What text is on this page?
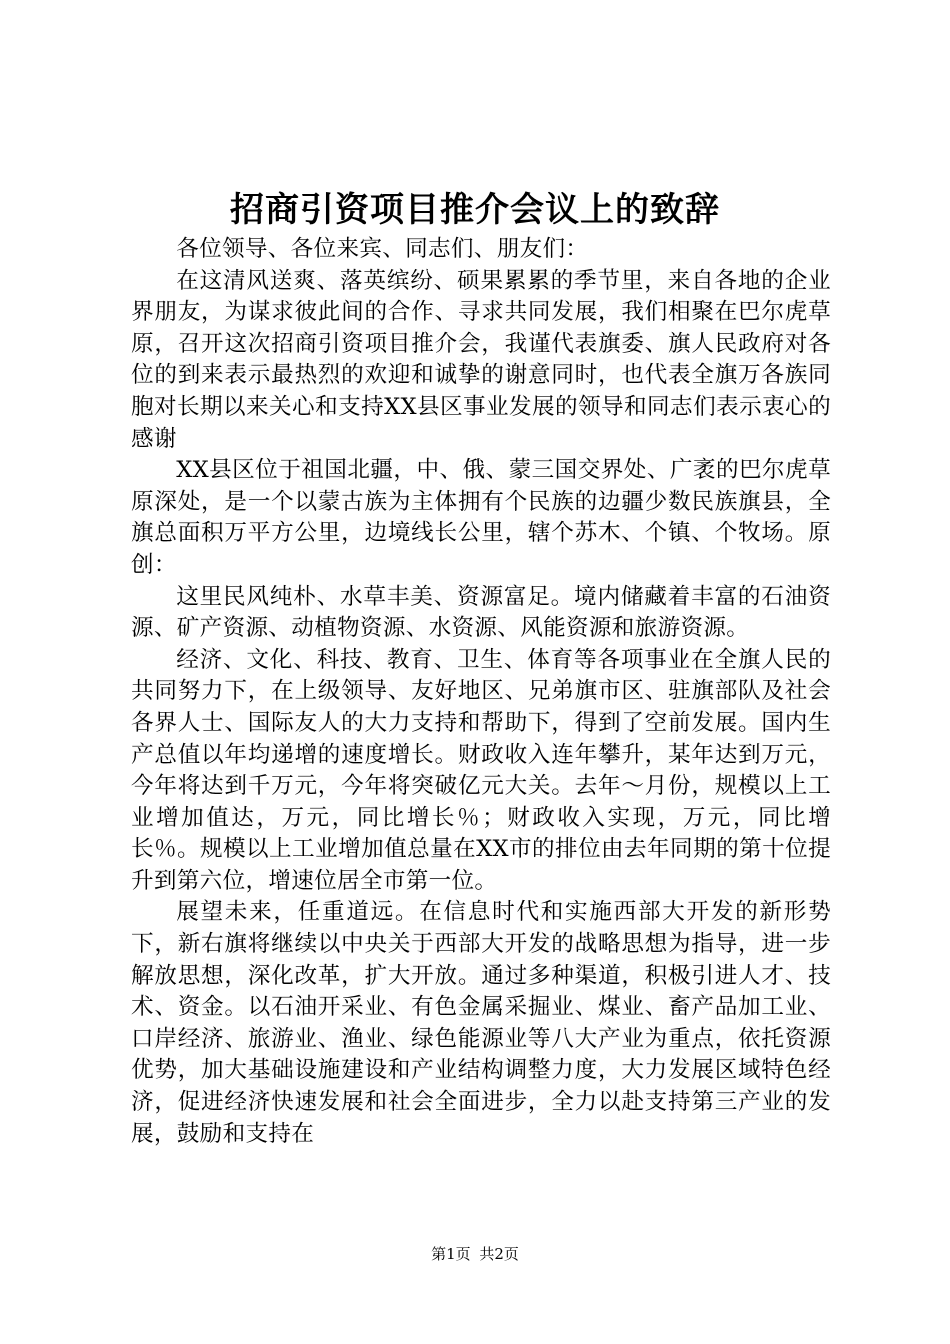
招商引资项目推介会议上的致辞

各位领导、各位来宾、同志们、朋友们：

在这清风送爽、落英缤纷、硕果累累的季节里，来自各地的企业界朋友，为谋求彼此间的合作、寻求共同发展，我们相聚在巴尔虎草原，召开这次招商引资项目推介会，我谨代表旗委、旗人民政府对各位的到来表示最热烈的欢迎和诚挚的谢意同时，也代表全旗万各族同胞对长期以来关心和支持XX县区事业发展的领导和同志们表示衷心的感谢

XX县区位于祖国北疆，中、俄、蒙三国交界处、广袤的巴尔虎草原深处，是一个以蒙古族为主体拥有个民族的边疆少数民族旗县，全旗总面积万平方公里，边境线长公里，辖个苏木、个镇、个牧场。原创：

这里民风纯朴、水草丰美、资源富足。境内储藏着丰富的石油资源、矿产资源、动植物资源、水资源、风能资源和旅游资源。

经济、文化、科技、教育、卫生、体育等各项事业在全旗人民的共同努力下，在上级领导、友好地区、兄弟旗市区、驻旗部队及社会各界人士、国际友人的大力支持和帮助下，得到了空前发展。国内生产总值以年均递增的速度增长。财政收入连年攀升，某年达到万元，今年将达到千万元，今年将突破亿元大关。去年～月份，规模以上工业增加值达，万元，同比增长％；财政收入实现，万元，同比增长％。规模以上工业增加值总量在XX市的排位由去年同期的第十位提升到第六位，增速位居全市第一位。

展望未来，任重道远。在信息时代和实施西部大开发的新形势下，新右旗将继续以中央关于西部大开发的战略思想为指导，进一步解放思想，深化改革，扩大开放。通过多种渠道，积极引进人才、技术、资金。以石油开采业、有色金属采掘业、煤业、畜产品加工业、口岸经济、旅游业、渔业、绿色能源业等八大产业为重点，依托资源优势，加大基础设施建设和产业结构调整力度，大力发展区域特色经济，促进经济快速发展和社会全面进步，全力以赴支持第三产业的发展，鼓励和支持在

第1页 共2页
